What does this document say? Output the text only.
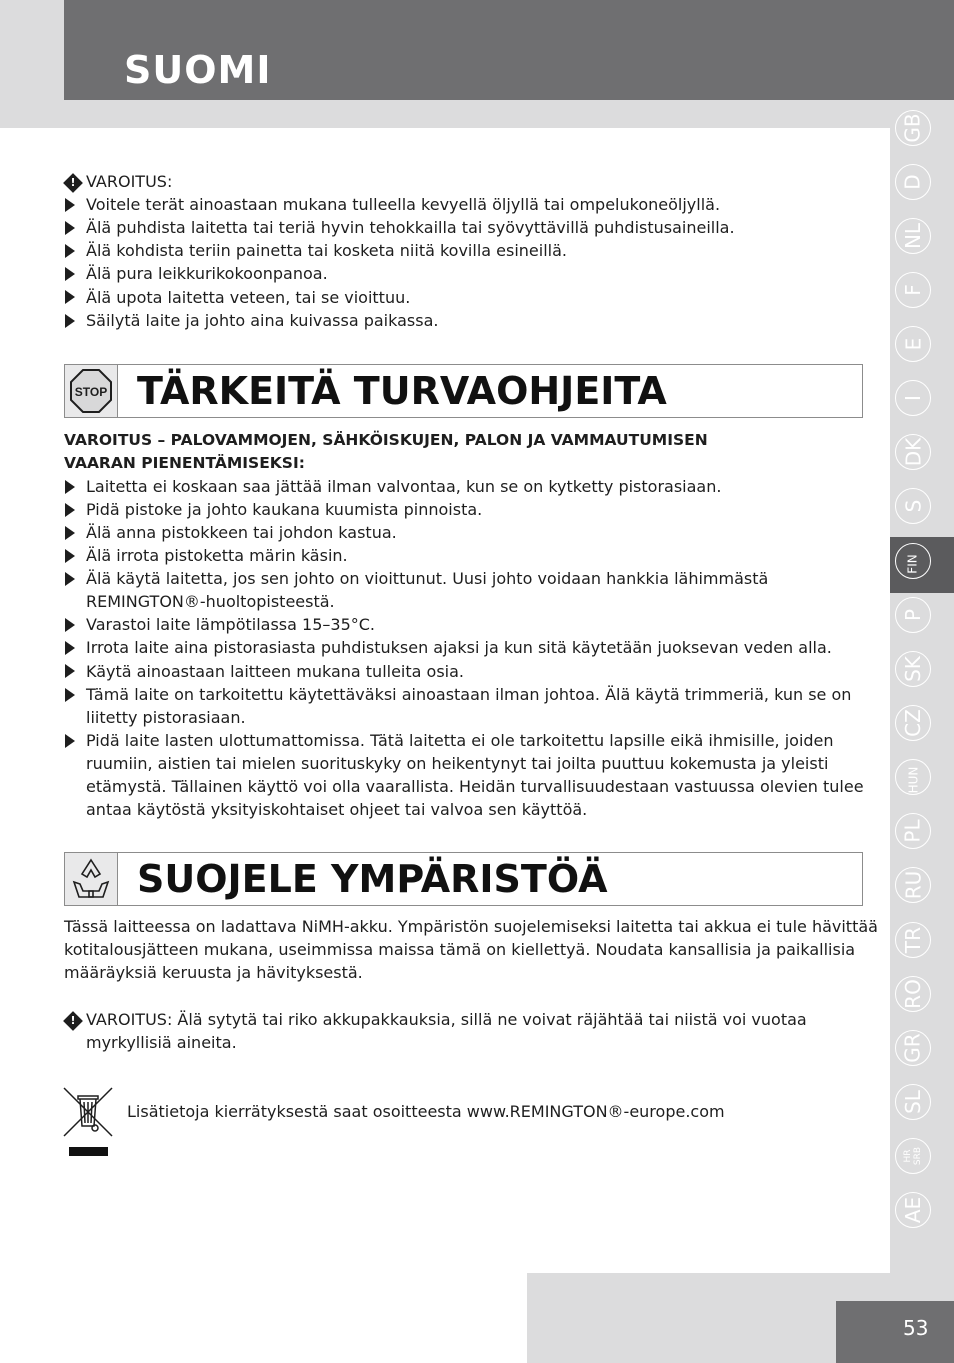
SUOMI
! VAROITUS:
Voitele terät ainoastaan mukana tulleella kevyellä öljyllä tai ompelukoneöljyllä.
Älä puhdista laitetta tai teriä hyvin tehokkailla tai syövyttävillä puhdistusaineilla.
Älä kohdista teriin painetta tai kosketa niitä kovilla esineillä.
Älä pura leikkurikokoonpanoa.
Älä upota laitetta veteen, tai se vioittuu.
Säilytä laite ja johto aina kuivassa paikassa.
STOP TÄRKEITÄ TURVAOHJEITA
VAROITUS – PALOVAMMOJEN, SÄHKÖISKUJEN, PALON JA VAMMAUTUMISEN
VAARAN PIENENTÄMISEKSI:
Laitetta ei koskaan saa jättää ilman valvontaa, kun se on kytketty pistorasiaan.
Pidä pistoke ja johto kaukana kuumista pinnoista.
Älä anna pistokkeen tai johdon kastua.
Älä irrota pistoketta märin käsin.
Älä käytä laitetta, jos sen johto on vioittunut. Uusi johto voidaan hankkia lähimmästä
REMINGTON®-huoltopisteestä.
Varastoi laite lämpötilassa 15–35°C.
Irrota laite aina pistorasiasta puhdistuksen ajaksi ja kun sitä käytetään juoksevan veden alla.
Käytä ainoastaan laitteen mukana tulleita osia.
Tämä laite on tarkoitettu käytettäväksi ainoastaan ilman johtoa. Älä käytä trimmeriä, kun se on
liitetty pistorasiaan.
Pidä laite lasten ulottumattomissa. Tätä laitetta ei ole tarkoitettu lapsille eikä ihmisille, joiden
ruumiin, aistien tai mielen suorituskyky on heikentynyt tai joilta puuttuu kokemusta ja yleisti
etämystä. Tällainen käyttö voi olla vaarallista. Heidän turvallisuudestaan vastuussa olevien tulee
antaa käytöstä yksityiskohtaiset ohjeet tai valvoa sen käyttöä.
SUOJELE YMPÄRISTÖÄ
Tässä laitteessa on ladattava NiMH-akku. Ympäristön suojelemiseksi laitetta tai akkua ei tule hävittää
kotitalousjätteen mukana, useimmissa maissa tämä on kiellettyä. Noudata kansallisia ja paikallisia
määräyksiä keruusta ja hävityksestä.
! VAROITUS: Älä sytytä tai riko akkupakkauksia, sillä ne voivat räjähtää tai niistä voi vuotaa
myrkyllisiä aineita.
Lisätietoja kierrätyksestä saat osoitteesta www.REMINGTON®-europe.com
GB
D
NL
F
E
I
DK
S
FIN
P
SK
CZ
HUN
PL
RU
TR
RO
GR
SL
HR SRB
AE
53
